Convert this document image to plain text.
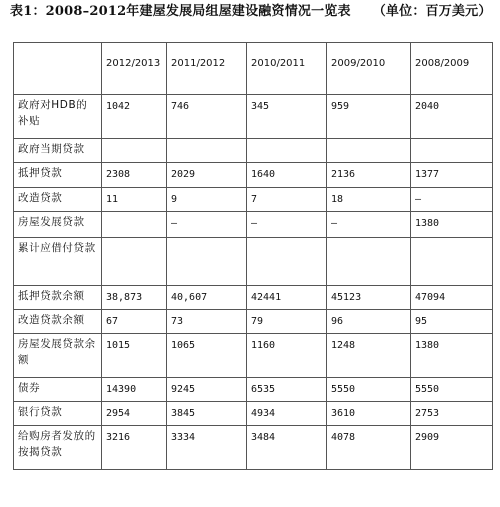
表1：2008–2012年建屋发展局组屋建设融资情况一览表 （单位：百万美元）

	2012/2013	2011/2012	2010/2011	2009/2010	2008/2009
政府对HDB的补贴	1042	746	345	959	2040
政府当期贷款					
抵押贷款	2308	2029	1640	2136	1377
改造贷款	11	9	7	18	–
房屋发展贷款		–	–	–	1380
累计应借付贷款					
抵押贷款余额	38,873	40,607	42441	45123	47094
改造贷款余额	67	73	79	96	95
房屋发展贷款余额	1015	1065	1160	1248	1380
债券	14390	9245	6535	5550	5550
银行贷款	2954	3845	4934	3610	2753
给购房者发放的按揭贷款	3216	3334	3484	4078	2909
